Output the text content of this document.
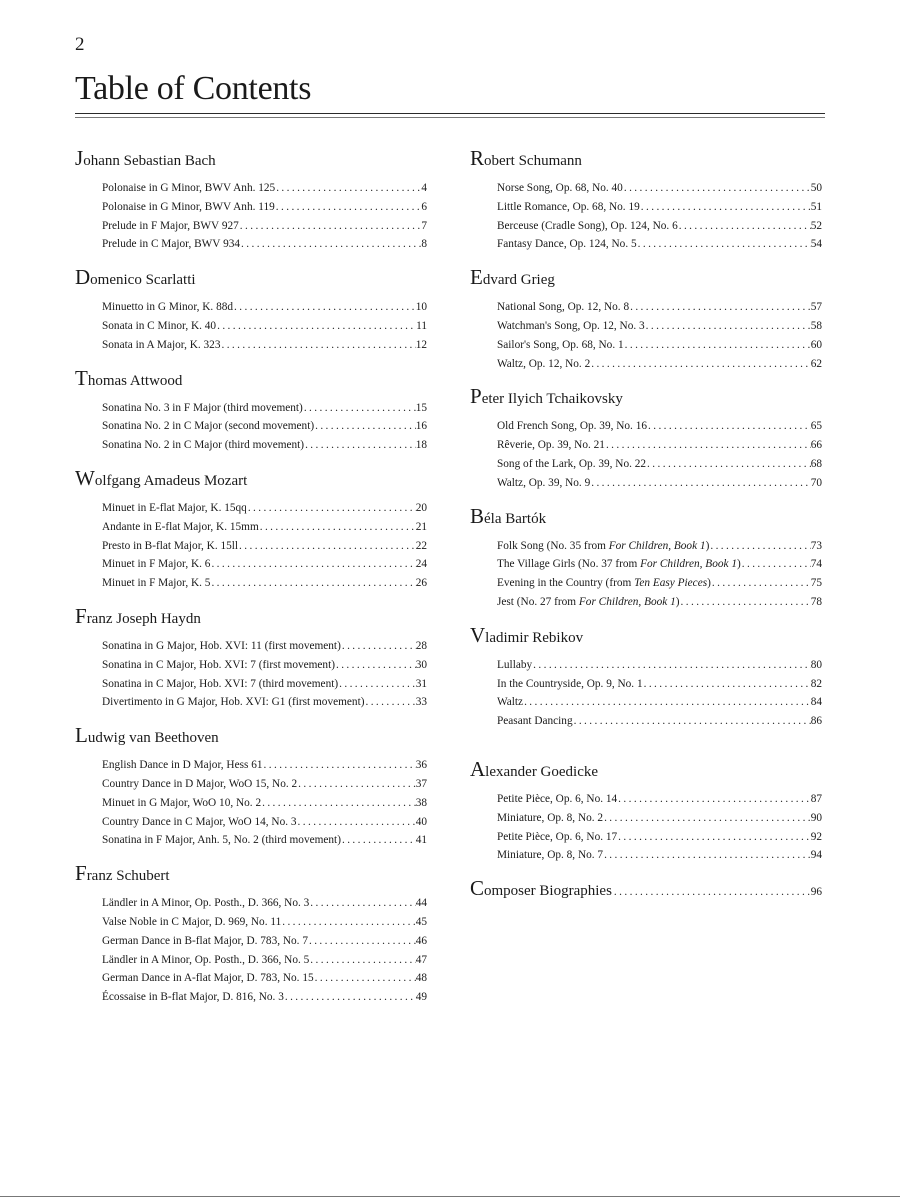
2
Table of Contents
Johann Sebastian Bach
Polonaise in G Minor, BWV Anh. 125 .....	4
Polonaise in G Minor, BWV Anh. 119 .....	6
Prelude in F Major, BWV 927 .....	7
Prelude in C Major, BWV 934 .....	8
Domenico Scarlatti
Minuetto in G Minor, K. 88d .....	10
Sonata in C Minor, K. 40 .....	11
Sonata in A Major, K. 323 .....	12
Thomas Attwood
Sonatina No. 3 in F Major (third movement) .....	15
Sonatina No. 2 in C Major (second movement) .....	16
Sonatina No. 2 in C Major (third movement) .....	18
Wolfgang Amadeus Mozart
Minuet in E-flat Major, K. 15qq .....	20
Andante in E-flat Major, K. 15mm .....	21
Presto in B-flat Major, K. 15ll .....	22
Minuet in F Major, K. 6 .....	24
Minuet in F Major, K. 5 .....	26
Franz Joseph Haydn
Sonatina in G Major, Hob. XVI: 11 (first movement) .....	28
Sonatina in C Major, Hob. XVI: 7 (first movement) .....	30
Sonatina in C Major, Hob. XVI: 7 (third movement) .....	31
Divertimento in G Major, Hob. XVI: G1 (first movement) .....	33
Ludwig van Beethoven
English Dance in D Major, Hess 61 .....	36
Country Dance in D Major, WoO 15, No. 2 .....	37
Minuet in G Major, WoO 10, No. 2 .....	38
Country Dance in C Major, WoO 14, No. 3 .....	40
Sonatina in F Major, Anh. 5, No. 2 (third movement) .....	41
Franz Schubert
Ländler in A Minor, Op. Posth., D. 366, No. 3 .....	44
Valse Noble in C Major, D. 969, No. 11 .....	45
German Dance in B-flat Major, D. 783, No. 7 .....	46
Ländler in A Minor, Op. Posth., D. 366, No. 5 .....	47
German Dance in A-flat Major, D. 783, No. 15 .....	48
Écossaise in B-flat Major, D. 816, No. 3 .....	49
Robert Schumann
Norse Song, Op. 68, No. 40 .....	50
Little Romance, Op. 68, No. 19 .....	51
Berceuse (Cradle Song), Op. 124, No. 6 .....	52
Fantasy Dance, Op. 124, No. 5 .....	54
Edvard Grieg
National Song, Op. 12, No. 8 .....	57
Watchman's Song, Op. 12, No. 3 .....	58
Sailor's Song, Op. 68, No. 1 .....	60
Waltz, Op. 12, No. 2 .....	62
Peter Ilyich Tchaikovsky
Old French Song, Op. 39, No. 16 .....	65
Rêverie, Op. 39, No. 21 .....	66
Song of the Lark, Op. 39, No. 22 .....	68
Waltz, Op. 39, No. 9 .....	70
Béla Bartók
Folk Song (No. 35 from For Children, Book 1) .....	73
The Village Girls (No. 37 from For Children, Book 1) .....	74
Evening in the Country (from Ten Easy Pieces) .....	75
Jest (No. 27 from For Children, Book 1) .....	78
Vladimir Rebikov
Lullaby .....	80
In the Countryside, Op. 9, No. 1 .....	82
Waltz .....	84
Peasant Dancing .....	86
Alexander Goedicke
Petite Pièce, Op. 6, No. 14 .....	87
Miniature, Op. 8, No. 2 .....	90
Petite Pièce, Op. 6, No. 17 .....	92
Miniature, Op. 8, No. 7 .....	94
Composer Biographies .....	96
